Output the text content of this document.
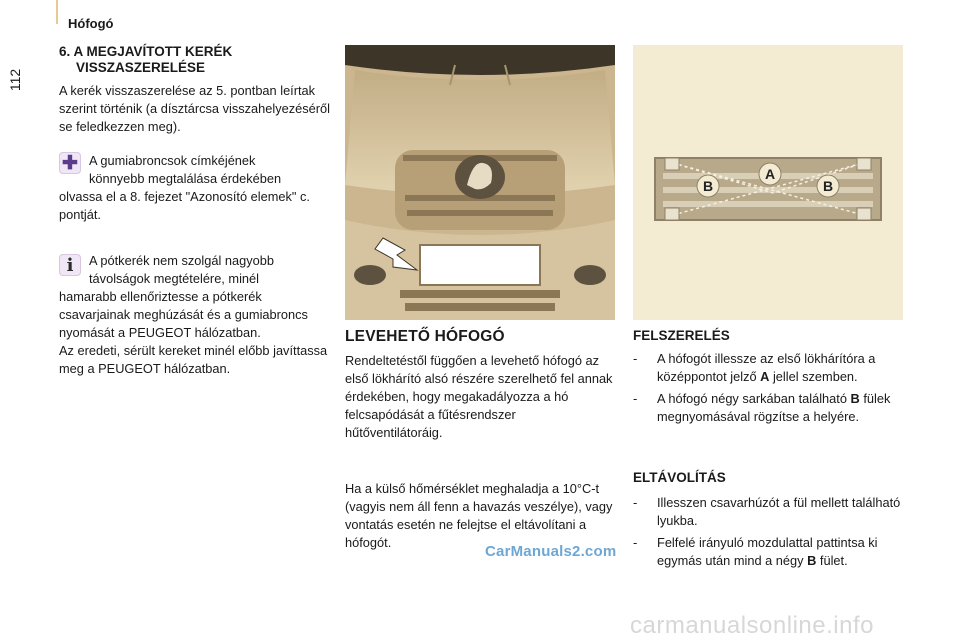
Hófogó
112
6. A MEGJAVÍTOTT KERÉK
VISSZASZERELÉSE
A kerék visszaszerelése az 5. pontban leírtak szerint történik (a dísztárcsa visszahelyezéséről se feledkezzen meg).
✚ A gumiabroncsok címkéjének
könnyebb megtalálása érdekében
olvassa el a 8. fejezet "Azonosító elemek" c. pontját.
i	A pótkerék nem szolgál nagyobb
távolságok megtételére, minél
hamarabb ellenőriztesse a pótkerék csavarjainak meghúzását és a gumiabroncs nyomását a PEUGEOT hálózatban.
Az eredeti, sérült kereket minél előbb javíttassa meg a PEUGEOT hálózatban.
A
B	B
LEVEHETŐ HÓFOGÓ
Rendeltetéstől függően a levehető hófogó az első lökhárító alsó részére szerelhető fel annak érdekében, hogy megakadályozza a hó felcsapódását a fűtésrendszer hűtőventilátoráig.
Ha a külső hőmérséklet meghaladja a 10°C-t (vagyis nem áll fenn a havazás veszélye), vagy vontatás esetén ne felejtse el eltávolítani a hófogót.
FELSZERELÉS
-	A hófogót illessze az első lökhárítóra a középpontot jelző A jellel szemben.
-	A hófogó négy sarkában található B fülek megnyomásával rögzítse a helyére.
ELTÁVOLÍTÁS
-	Illesszen csavarhúzót a fül mellett található lyukba.
-	Felfelé irányuló mozdulattal pattintsa ki egymás után mind a négy B fület.
CarManuals2.com
carmanualsonline.info
